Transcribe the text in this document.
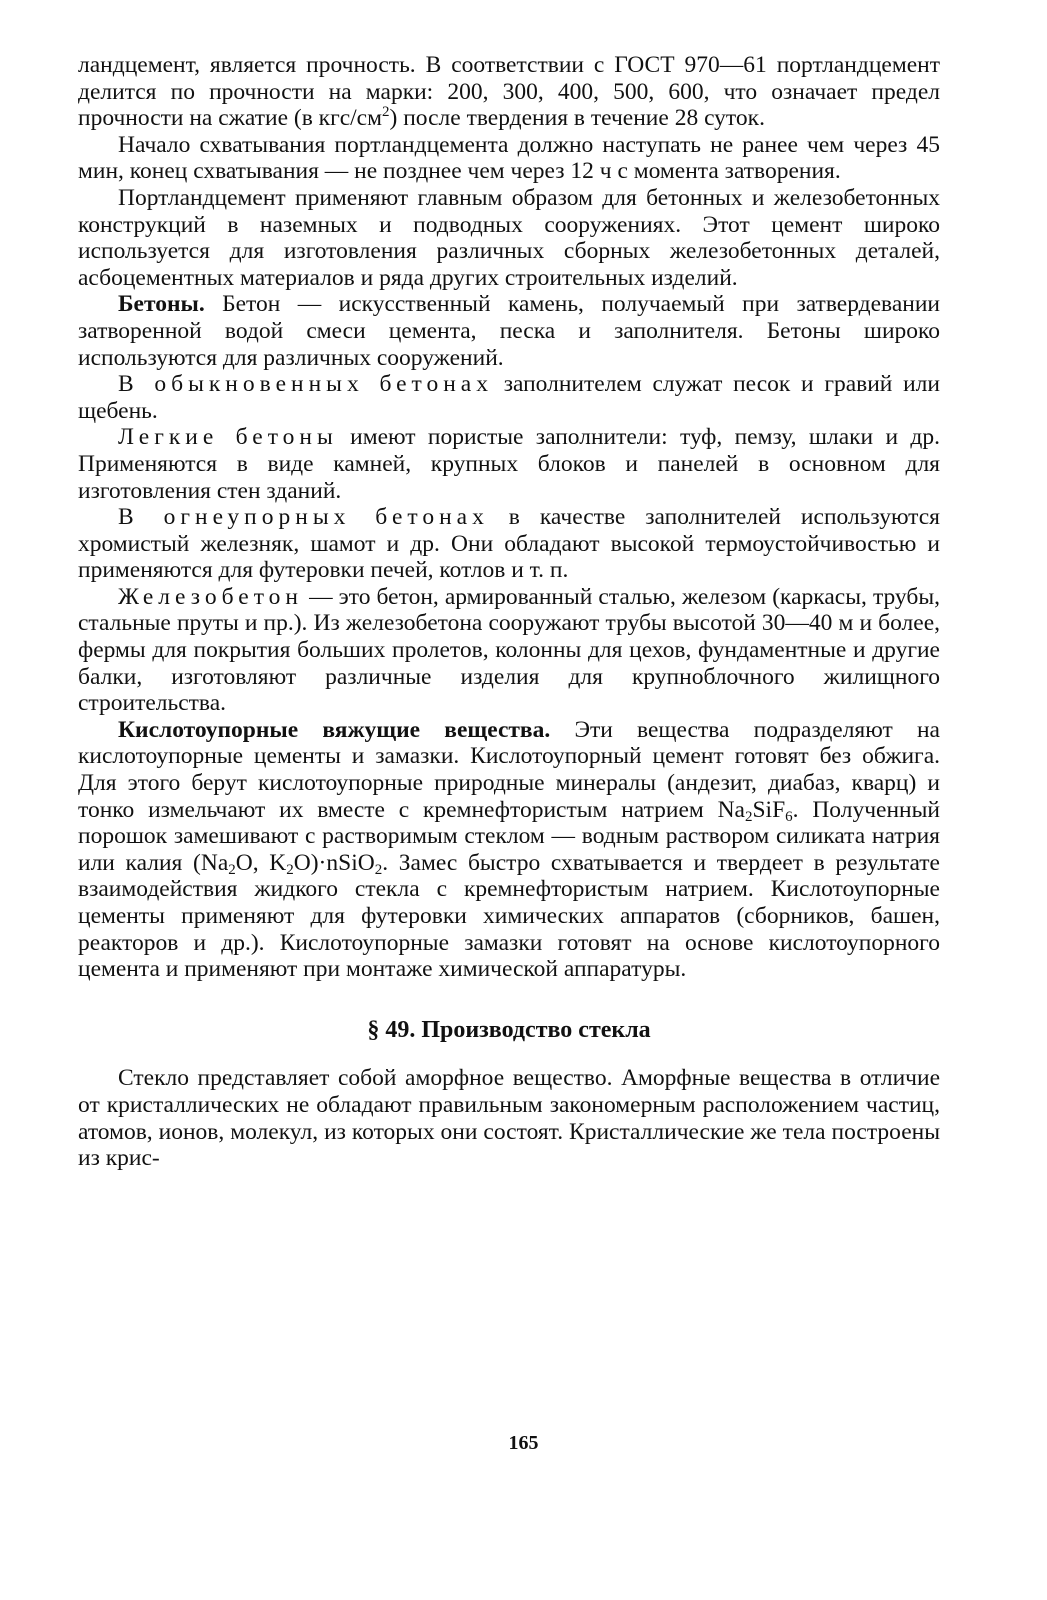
ландцемент, является прочность. В соответствии с ГОСТ 970—61 портландцемент делится по прочности на марки: 200, 300, 400, 500, 600, что означает предел прочности на сжатие (в кгс/$см^2$) после твердения в течение 28 суток.

Начало схватывания портландцемента должно наступать не ранее чем через 45 мин, конец схватывания — не позднее чем через 12 ч с момента затворения.

Портландцемент применяют главным образом для бетонных и железобетонных конструкций в наземных и подводных сооружениях. Этот цемент широко используется для изготовления различных сборных железобетонных деталей, асбоцементных материалов и ряда других строительных изделий.

Бетоны. Бетон — искусственный камень, получаемый при затвердевании затворенной водой смеси цемента, песка и заполнителя. Бетоны широко используются для различных сооружений.

В обыкновенных бетонах заполнителем служат песок и гравий или щебень.

Легкие бетоны имеют пористые заполнители: туф, пемзу, шлаки и др. Применяются в виде камней, крупных блоков и панелей в основном для изготовления стен зданий.

В огнеупорных бетонах в качестве заполнителей используются хромистый железняк, шамот и др. Они обладают высокой термоустойчивостью и применяются для футеровки печей, котлов и т. п.

Железобетон — это бетон, армированный сталью, железом (каркасы, трубы, стальные пруты и пр.). Из железобетона сооружают трубы высотой 30—40 м и более, фермы для покрытия больших пролетов, колонны для цехов, фундаментные и другие балки, изготовляют различные изделия для крупноблочного жилищного строительства.

Кислотоупорные вяжущие вещества. Эти вещества подразделяют на кислотоупорные цементы и замазки. Кислотоупорный цемент готовят без обжига. Для этого берут кислотоупорные природные минералы (андезит, диабаз, кварц) и тонко измельчают их вместе с кремнефтористым натрием $Na_2SiF_6$. Полученный порошок замешивают с растворимым стеклом — водным раствором силиката натрия или калия ($Na_2O$, $K_2O)\cdot nSiO_2$. Замес быстро схватывается и твердеет в результате взаимодействия жидкого стекла с кремнефтористым натрием. Кислотоупорные цементы применяют для футеровки химических аппаратов (сборников, башен, реакторов и др.). Кислотоупорные замазки готовят на основе кислотоупорного цемента и применяют при монтаже химической аппаратуры.

§ 49. Производство стекла

Стекло представляет собой аморфное вещество. Аморфные вещества в отличие от кристаллических не обладают правильным закономерным расположением частиц, атомов, ионов, молекул, из которых они состоят. Кристаллические же тела построены из крис-

165
